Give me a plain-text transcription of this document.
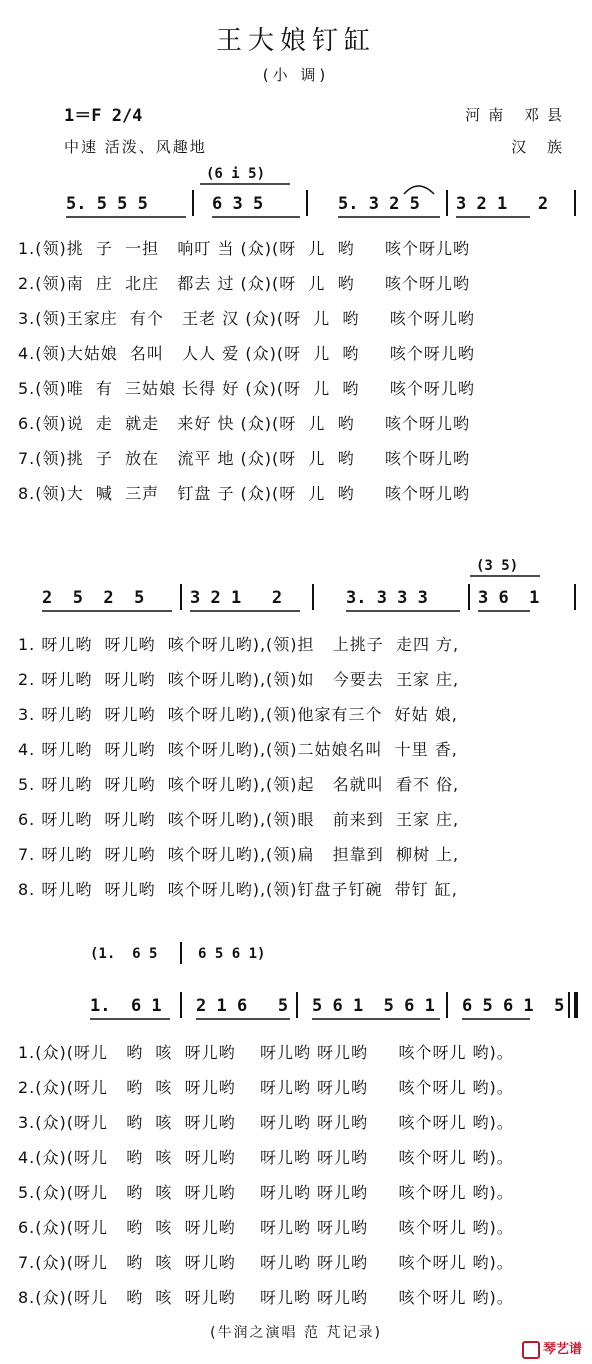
王大娘钉缸
(小 调)
1＝F 2/4
中速 活泼、风趣地
河南 邓县
汉 族
(6 i 5)
5. 5 5 5	6 3 5	5. 3 2 5 3 2 1   2
1.(领)挑  子  一担   响叮 当 (众)(呀  儿  哟     咳个呀儿哟
2.(领)南  庄  北庄   都去 过 (众)(呀  儿  哟     咳个呀儿哟
3.(领)王家庄  有个   王老 汉 (众)(呀  儿  哟     咳个呀儿哟
4.(领)大姑娘  名叫   人人 爱 (众)(呀  儿  哟     咳个呀儿哟
5.(领)唯  有  三姑娘 长得 好 (众)(呀  儿  哟     咳个呀儿哟
6.(领)说  走  就走   来好 快 (众)(呀  儿  哟     咳个呀儿哟
7.(领)挑  子  放在   流平 地 (众)(呀  儿  哟     咳个呀儿哟
8.(领)大  喊  三声   钉盘 子 (众)(呀  儿  哟     咳个呀儿哟
(3 5)
2  5  2  5	3 2 1   2	3. 3 3 3	3 6  1
1. 呀儿哟  呀儿哟  咳个呀儿哟),(领)担   上挑子  走四 方,
2. 呀儿哟  呀儿哟  咳个呀儿哟),(领)如   今要去  王家 庄,
3. 呀儿哟  呀儿哟  咳个呀儿哟),(领)他家有三个  好姑 娘,
4. 呀儿哟  呀儿哟  咳个呀儿哟),(领)二姑娘名叫  十里 香,
5. 呀儿哟  呀儿哟  咳个呀儿哟),(领)起   名就叫  看不 俗,
6. 呀儿哟  呀儿哟  咳个呀儿哟),(领)眼   前来到  王家 庄,
7. 呀儿哟  呀儿哟  咳个呀儿哟),(领)扁   担靠到  柳树 上,
8. 呀儿哟  呀儿哟  咳个呀儿哟),(领)钉盘子钉碗  带钉 缸,
(1.  6 5	6 5 6 1)
1.  6 1 2 1 6   5 5 6 1  5 6 1 6 5 6 1  5
1.(众)(呀儿   哟  咳  呀儿哟    呀儿哟 呀儿哟     咳个呀儿 哟)。
2.(众)(呀儿   哟  咳  呀儿哟    呀儿哟 呀儿哟     咳个呀儿 哟)。
3.(众)(呀儿   哟  咳  呀儿哟    呀儿哟 呀儿哟     咳个呀儿 哟)。
4.(众)(呀儿   哟  咳  呀儿哟    呀儿哟 呀儿哟     咳个呀儿 哟)。
5.(众)(呀儿   哟  咳  呀儿哟    呀儿哟 呀儿哟     咳个呀儿 哟)。
6.(众)(呀儿   哟  咳  呀儿哟    呀儿哟 呀儿哟     咳个呀儿 哟)。
7.(众)(呀儿   哟  咳  呀儿哟    呀儿哟 呀儿哟     咳个呀儿 哟)。
8.(众)(呀儿   哟  咳  呀儿哟    呀儿哟 呀儿哟     咳个呀儿 哟)。
(牛润之演唱 范 芃记录)
琴艺谱
